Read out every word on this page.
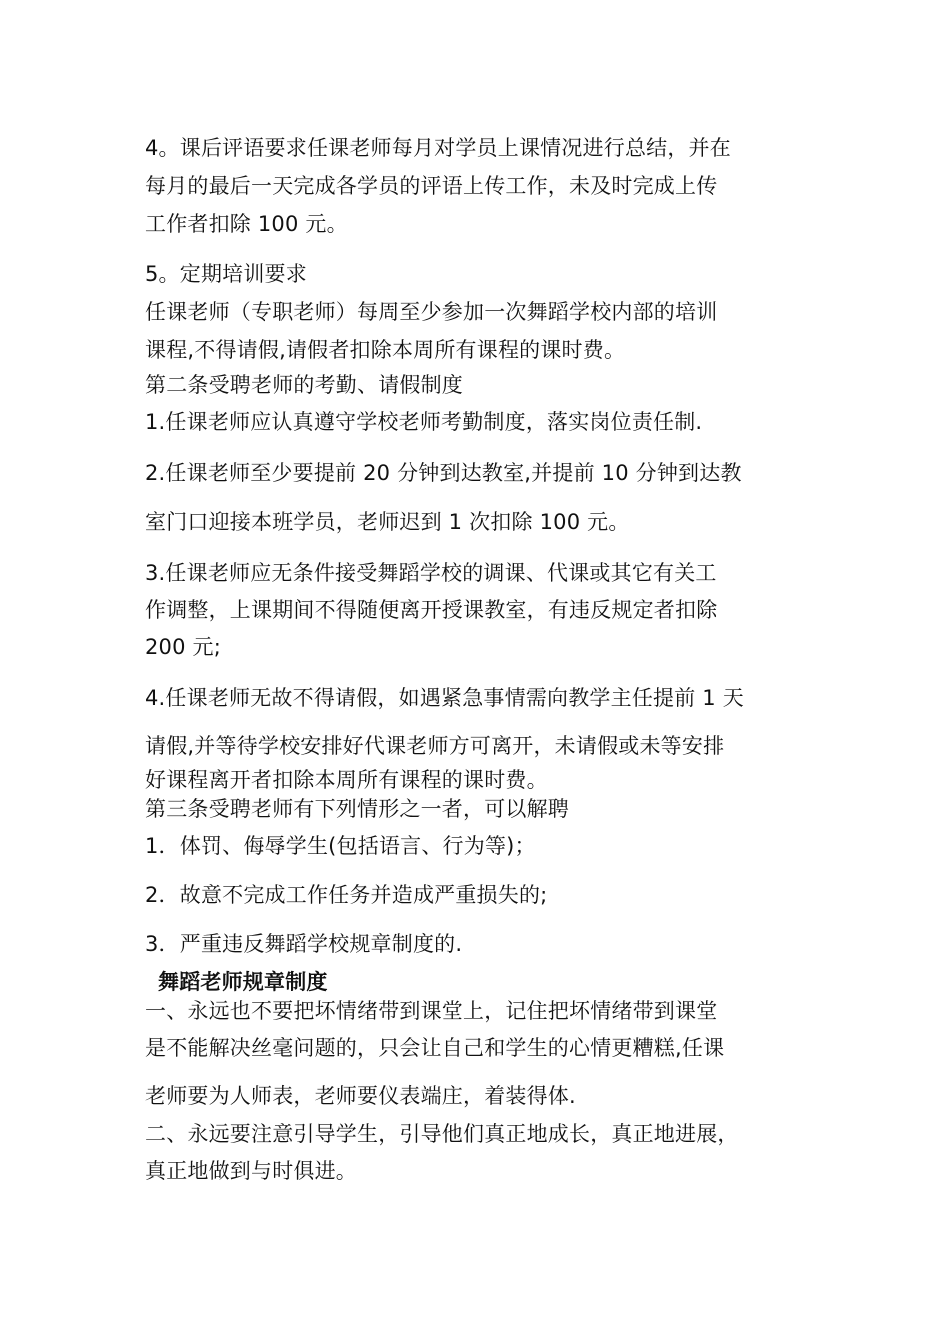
4。课后评语要求任课老师每月对学员上课情况进行总结，并在
每月的最后一天完成各学员的评语上传工作，未及时完成上传
工作者扣除 100 元。
5。定期培训要求
任课老师（专职老师）每周至少参加一次舞蹈学校内部的培训
课程,不得请假,请假者扣除本周所有课程的课时费。
第二条受聘老师的考勤、请假制度
1.任课老师应认真遵守学校老师考勤制度，落实岗位责任制.
2.任课老师至少要提前 20 分钟到达教室,并提前 10 分钟到达教
室门口迎接本班学员，老师迟到 1 次扣除 100 元。
3.任课老师应无条件接受舞蹈学校的调课、代课或其它有关工
作调整，上课期间不得随便离开授课教室，有违反规定者扣除
200 元;
4.任课老师无故不得请假，如遇紧急事情需向教学主任提前 1 天
请假,并等待学校安排好代课老师方可离开，未请假或未等安排
好课程离开者扣除本周所有课程的课时费。
第三条受聘老师有下列情形之一者，可以解聘
1．体罚、侮辱学生(包括语言、行为等)；
2．故意不完成工作任务并造成严重损失的;
3．严重违反舞蹈学校规章制度的.
舞蹈老师规章制度
一、永远也不要把坏情绪带到课堂上，记住把坏情绪带到课堂
是不能解决丝毫问题的，只会让自己和学生的心情更糟糕,任课
老师要为人师表，老师要仪表端庄，着装得体.
二、永远要注意引导学生，引导他们真正地成长，真正地进展，
真正地做到与时俱进。
